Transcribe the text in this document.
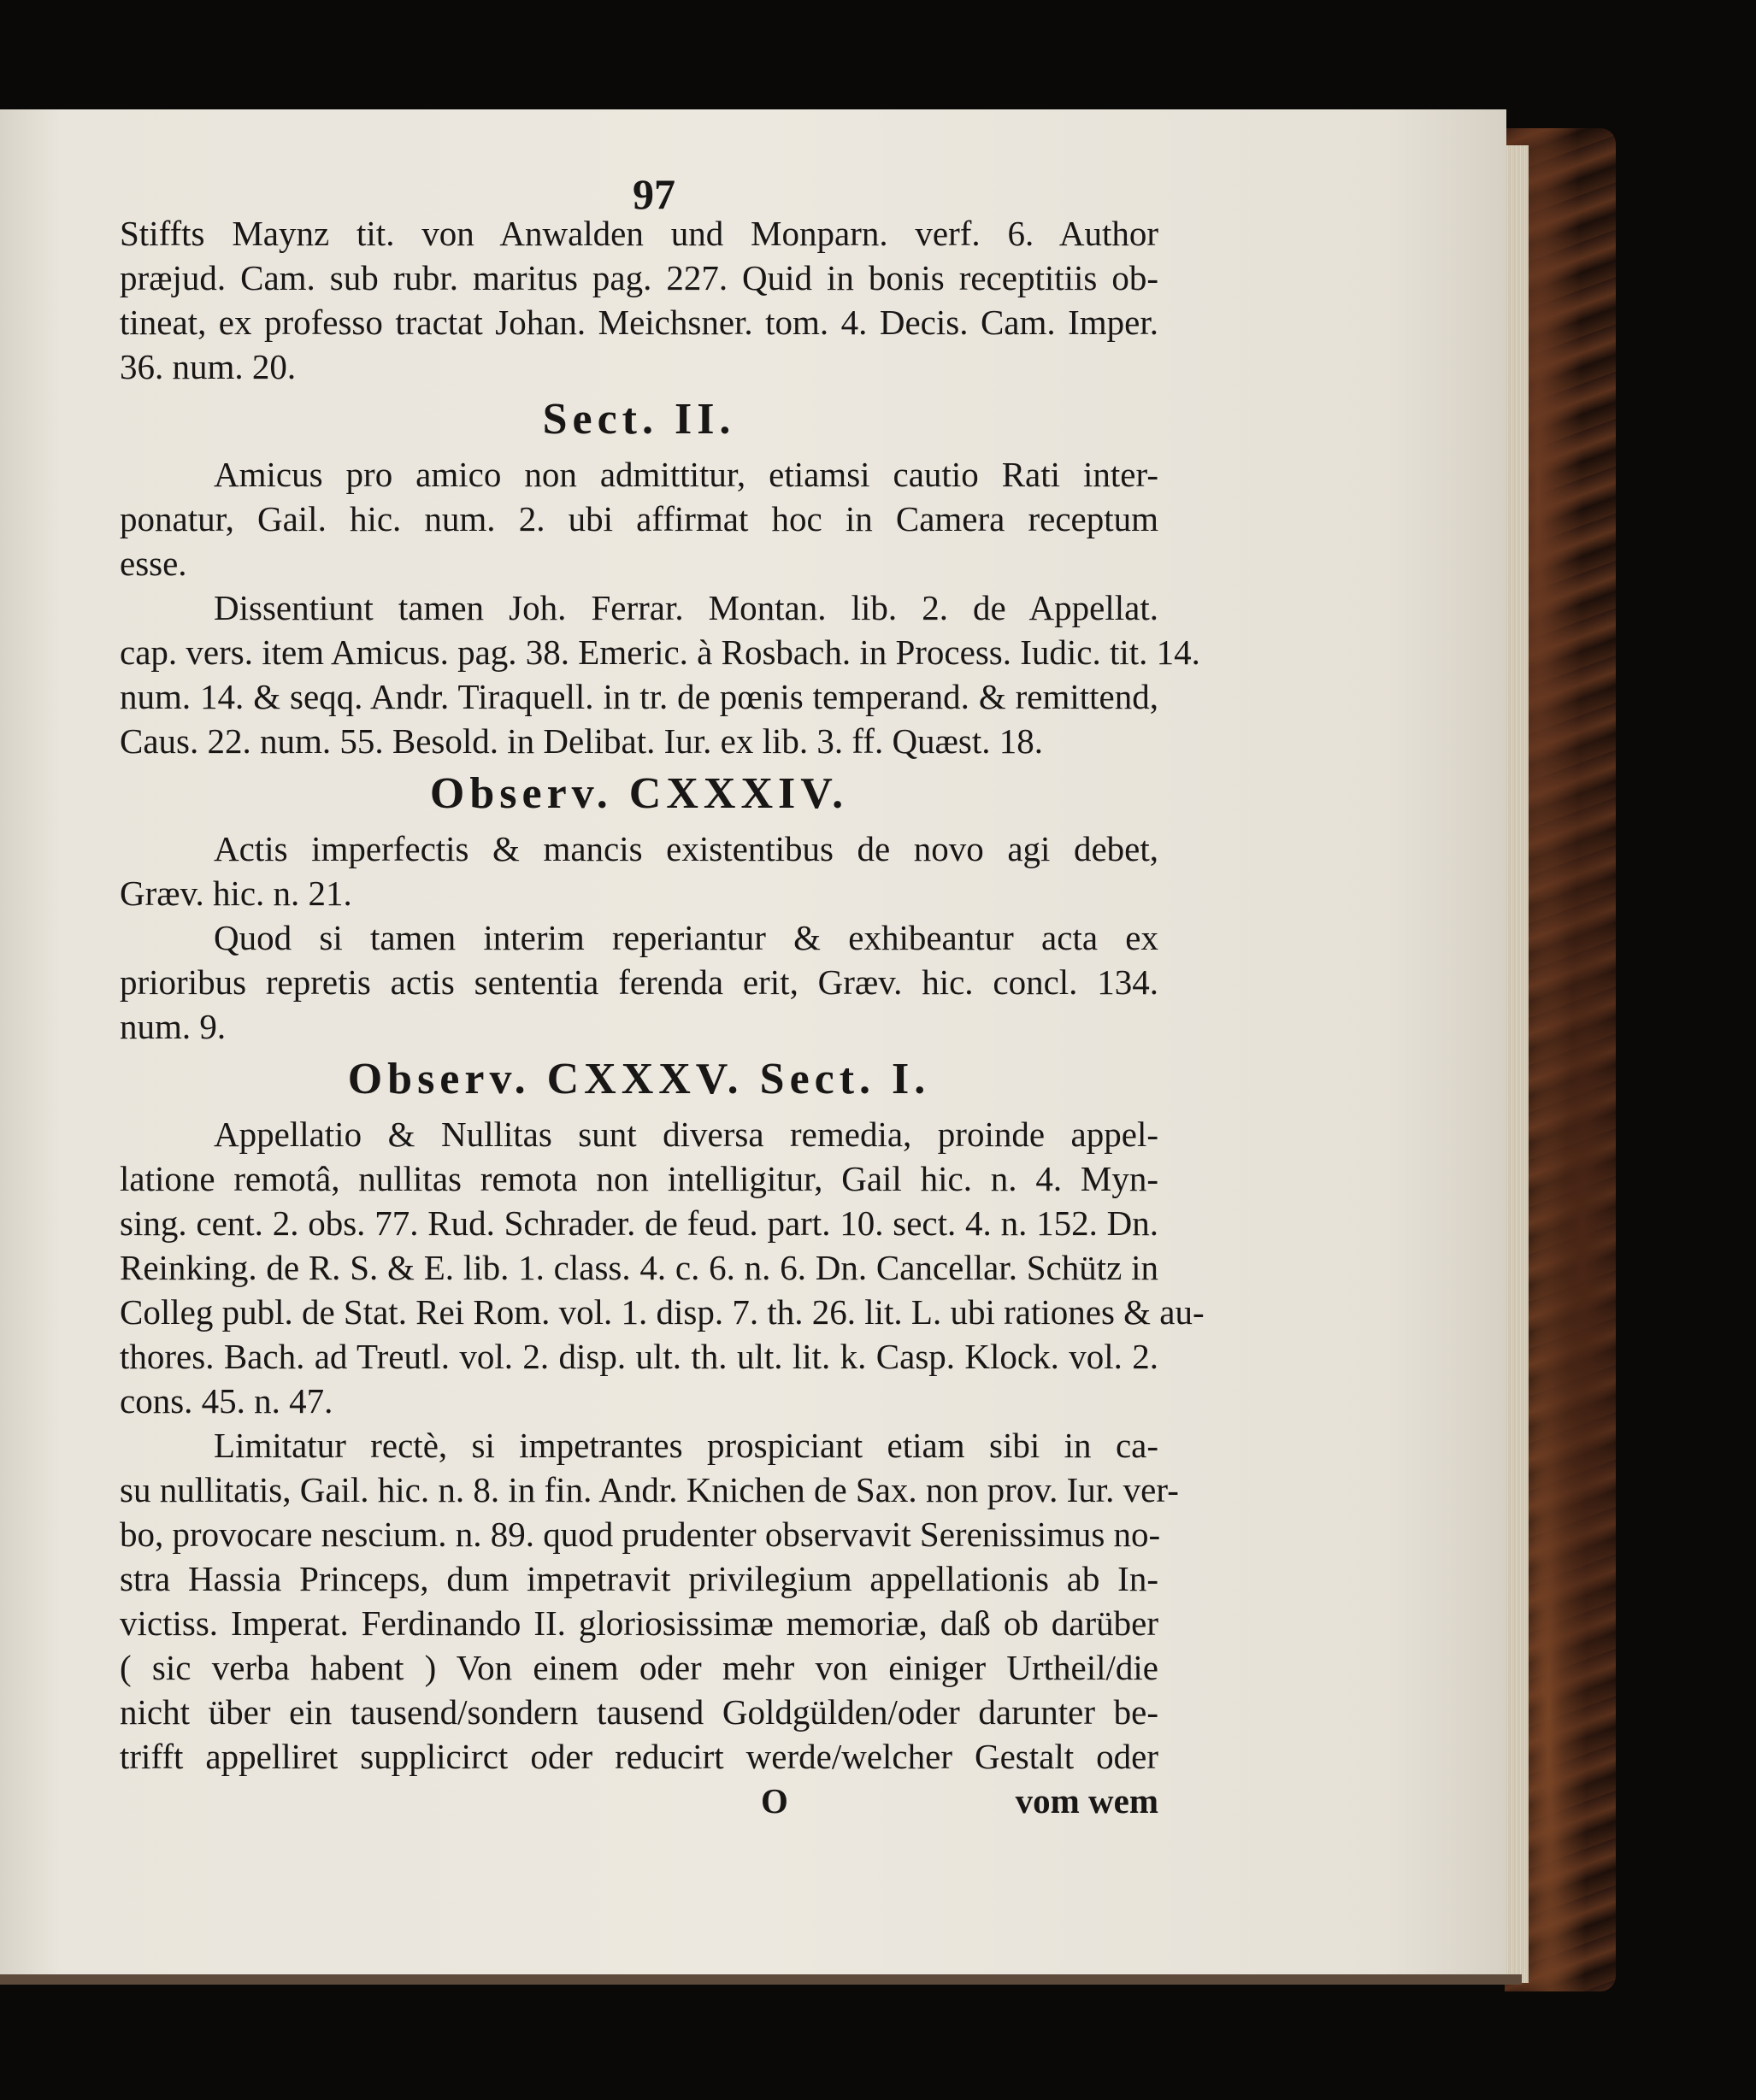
97
Stiffts Maynz tit. von Anwalden und Monparn. verf. 6. Author
præjud. Cam. sub rubr. maritus pag. 227. Quid in bonis receptitiis ob-
tineat, ex professo tractat Johan. Meichsner. tom. 4. Decis. Cam. Imper.
36. num. 20.
Sect. II.
Amicus pro amico non admittitur, etiamsi cautio Rati inter-
ponatur, Gail. hic. num. 2. ubi affirmat hoc in Camera receptum
esse.
Dissentiunt tamen Joh. Ferrar. Montan. lib. 2. de Appellat.
cap. vers. item Amicus. pag. 38. Emeric. à Rosbach. in Process. Iudic. tit. 14.
num. 14. & seqq. Andr. Tiraquell. in tr. de pœnis temperand. & remittend,
Caus. 22. num. 55. Besold. in Delibat. Iur. ex lib. 3. ff. Quæst. 18.
Observ. CXXXIV.
Actis imperfectis & mancis existentibus de novo agi debet,
Græv. hic. n. 21.
Quod si tamen interim reperiantur & exhibeantur acta ex
prioribus repretis actis sententia ferenda erit, Græv. hic. concl. 134.
num. 9.
Observ. CXXXV. Sect. I.
Appellatio & Nullitas sunt diversa remedia, proinde appel-
latione remotâ, nullitas remota non intelligitur, Gail hic. n. 4. Myn-
sing. cent. 2. obs. 77. Rud. Schrader. de feud. part. 10. sect. 4. n. 152. Dn.
Reinking. de R. S. & E. lib. 1. class. 4. c. 6. n. 6. Dn. Cancellar. Schütz in
Colleg publ. de Stat. Rei Rom. vol. 1. disp. 7. th. 26. lit. L. ubi rationes & au-
thores. Bach. ad Treutl. vol. 2. disp. ult. th. ult. lit. k. Casp. Klock. vol. 2.
cons. 45. n. 47.
Limitatur rectè, si impetrantes prospiciant etiam sibi in ca-
su nullitatis, Gail. hic. n. 8. in fin. Andr. Knichen de Sax. non prov. Iur. ver-
bo, provocare nescium. n. 89. quod prudenter observavit Serenissimus no-
stra Hassia Princeps, dum impetravit privilegium appellationis ab In-
victiss. Imperat. Ferdinando II. gloriosissimæ memoriæ, daß ob darüber
( sic verba habent ) Von einem oder mehr von einiger Urtheil/die
nicht über ein tausend/sondern tausend Goldgülden/oder darunter be-
trifft appelliret supplicirct oder reducirt werde/welcher Gestalt oder
O	vom wem
